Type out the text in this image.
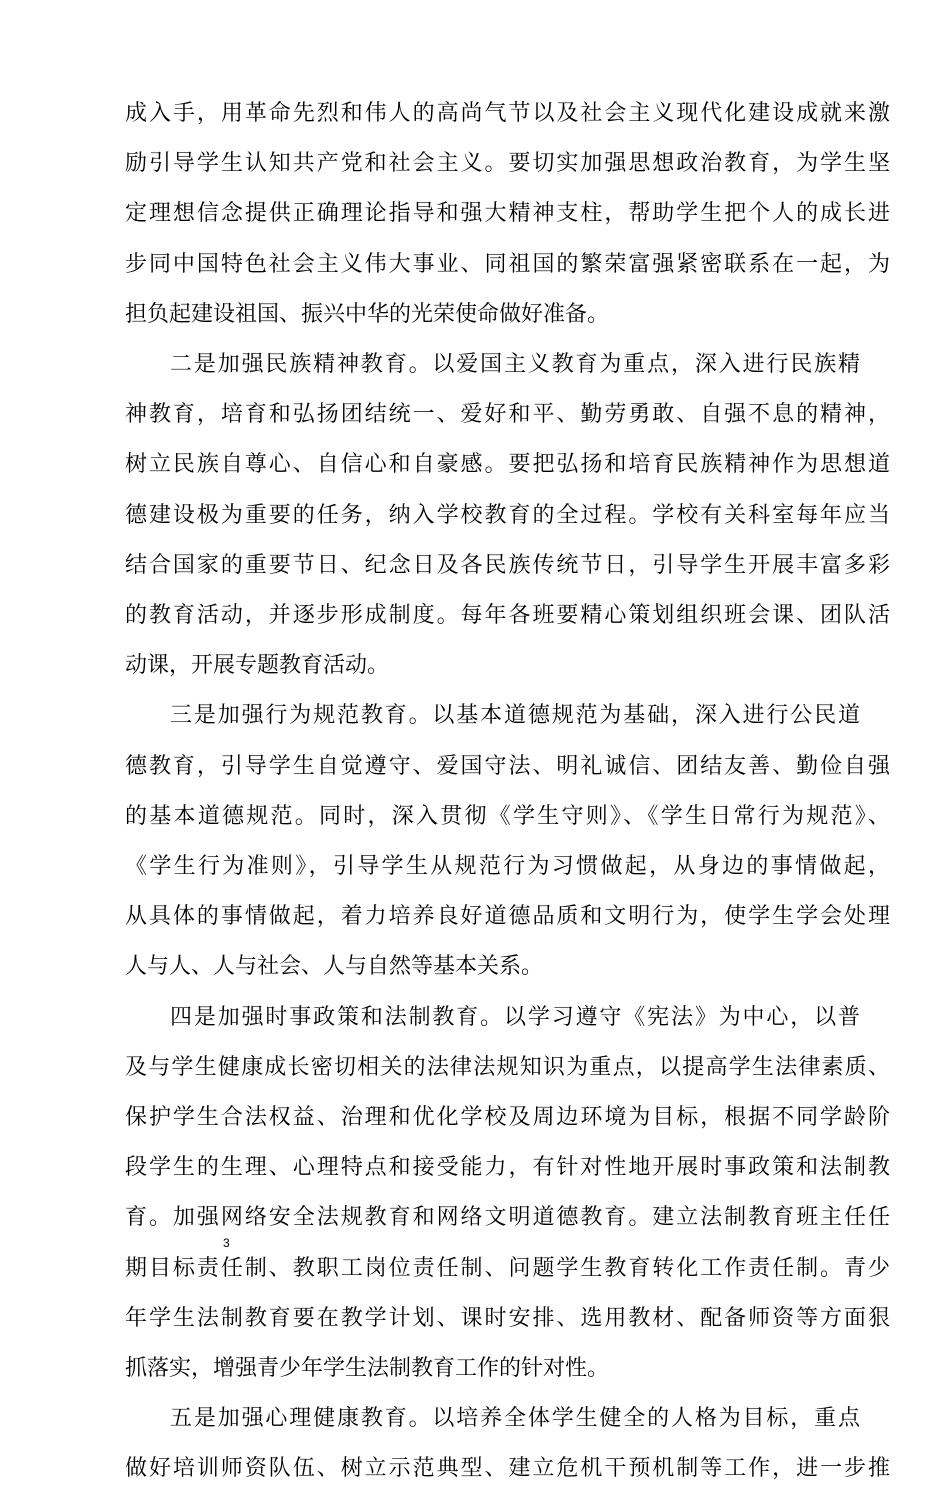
成入手，用革命先烈和伟人的高尚气节以及社会主义现代化建设成就来激
励引导学生认知共产党和社会主义。要切实加强思想政治教育，为学生坚
定理想信念提供正确理论指导和强大精神支柱，帮助学生把个人的成长进
步同中国特色社会主义伟大事业、同祖国的繁荣富强紧密联系在一起，为
担负起建设祖国、振兴中华的光荣使命做好准备。
二是加强民族精神教育。以爱国主义教育为重点，深入进行民族精
神教育，培育和弘扬团结统一、爱好和平、勤劳勇敢、自强不息的精神，
树立民族自尊心、自信心和自豪感。要把弘扬和培育民族精神作为思想道
德建设极为重要的任务，纳入学校教育的全过程。学校有关科室每年应当
结合国家的重要节日、纪念日及各民族传统节日，引导学生开展丰富多彩
的教育活动，并逐步形成制度。每年各班要精心策划组织班会课、团队活
动课，开展专题教育活动。
三是加强行为规范教育。以基本道德规范为基础，深入进行公民道
德教育，引导学生自觉遵守、爱国守法、明礼诚信、团结友善、勤俭自强
的基本道德规范。同时，深入贯彻《学生守则》、《学生日常行为规范》、
《学生行为准则》，引导学生从规范行为习惯做起，从身边的事情做起，
从具体的事情做起，着力培养良好道德品质和文明行为，使学生学会处理
人与人、人与社会、人与自然等基本关系。
四是加强时事政策和法制教育。以学习遵守《宪法》为中心，以普
及与学生健康成长密切相关的法律法规知识为重点，以提高学生法律素质、
保护学生合法权益、治理和优化学校及周边环境为目标，根据不同学龄阶
段学生的生理、心理特点和接受能力，有针对性地开展时事政策和法制教
育。加强网络安全法规教育和网络文明道德教育。建立法制教育班主任任
期目标责任制、教职工岗位责任制、问题学生教育转化工作责任制。青少
年学生法制教育要在教学计划、课时安排、选用教材、配备师资等方面狠
抓落实，增强青少年学生法制教育工作的针对性。
五是加强心理健康教育。以培养全体学生健全的人格为目标，重点
做好培训师资队伍、树立示范典型、建立危机干预机制等工作，进一步推
3
